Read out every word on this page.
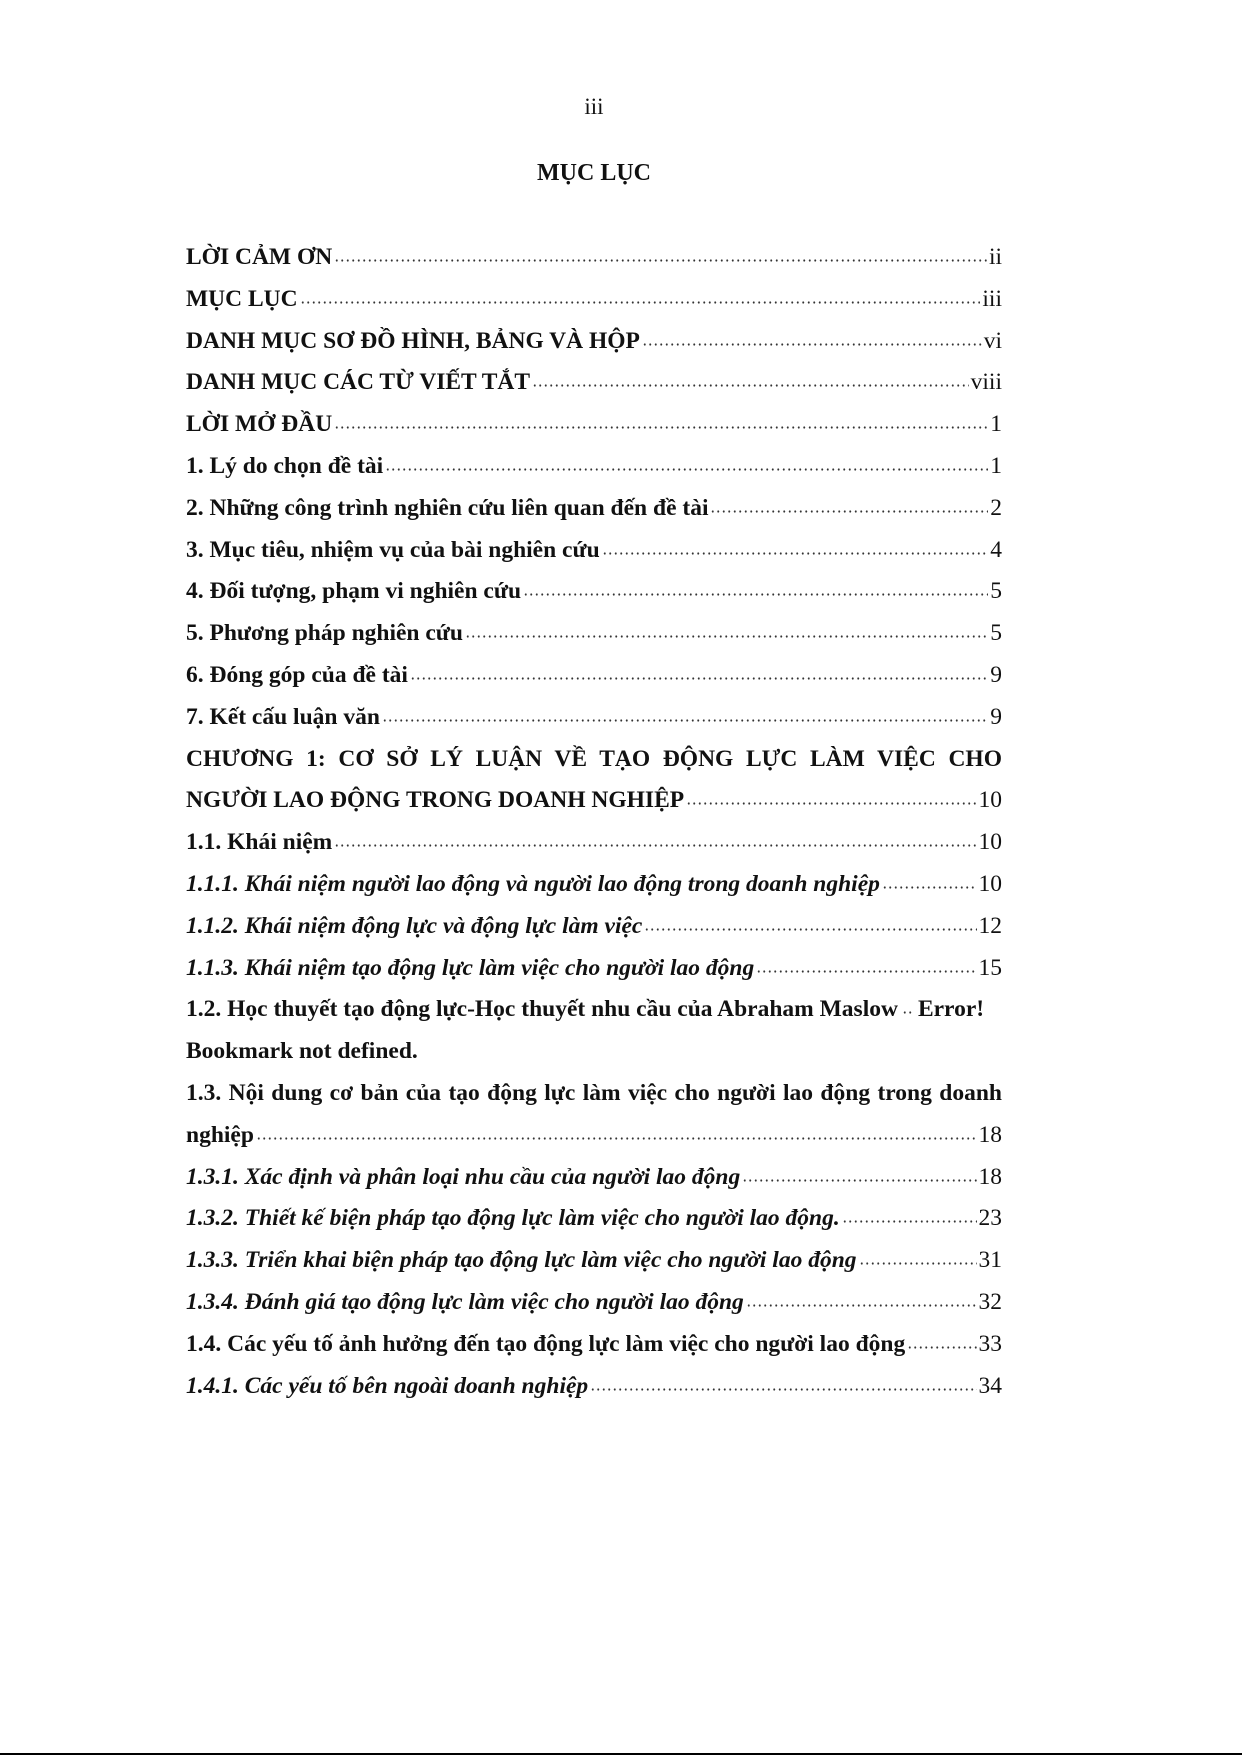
iii
MỤC LỤC
LỜI CẢM ƠN	ii
MỤC LỤC	iii
DANH MỤC SƠ ĐỒ HÌNH, BẢNG VÀ HỘP	vi
DANH MỤC CÁC TỪ VIẾT TẮT	viii
LỜI MỞ ĐẦU	1
1. Lý do chọn đề tài	1
2. Những công trình nghiên cứu liên quan đến đề tài	2
3. Mục tiêu, nhiệm vụ của bài nghiên cứu	4
4. Đối tượng, phạm vi nghiên cứu	5
5. Phương pháp nghiên cứu	5
6. Đóng góp của đề tài	9
7. Kết cấu luận văn	9
CHƯƠNG 1: CƠ SỞ LÝ LUẬN VỀ TẠO ĐỘNG LỰC LÀM VIỆC CHO
NGƯỜI LAO ĐỘNG TRONG DOANH NGHIỆP	10
1.1. Khái niệm	10
1.1.1. Khái niệm người lao động và người lao động trong doanh nghiệp	10
1.1.2. Khái niệm động lực và động lực làm việc	12
1.1.3. Khái niệm tạo động lực làm việc cho người lao động	15
1.2. Học thuyết tạo động lực-Học thuyết nhu cầu của Abraham Maslow Error!
Bookmark not defined.
1.3. Nội dung cơ bản của tạo động lực làm việc cho người lao động trong doanh
nghiệp	18
1.3.1. Xác định và phân loại nhu cầu của người lao động	18
1.3.2. Thiết kế biện pháp tạo động lực làm việc cho người lao động.	23
1.3.3. Triển khai biện pháp tạo động lực làm việc cho người lao động	31
1.3.4. Đánh giá tạo động lực làm việc cho người lao động	32
1.4. Các yếu tố ảnh hưởng đến tạo động lực làm việc cho người lao động	33
1.4.1. Các yếu tố bên ngoài doanh nghiệp	34
